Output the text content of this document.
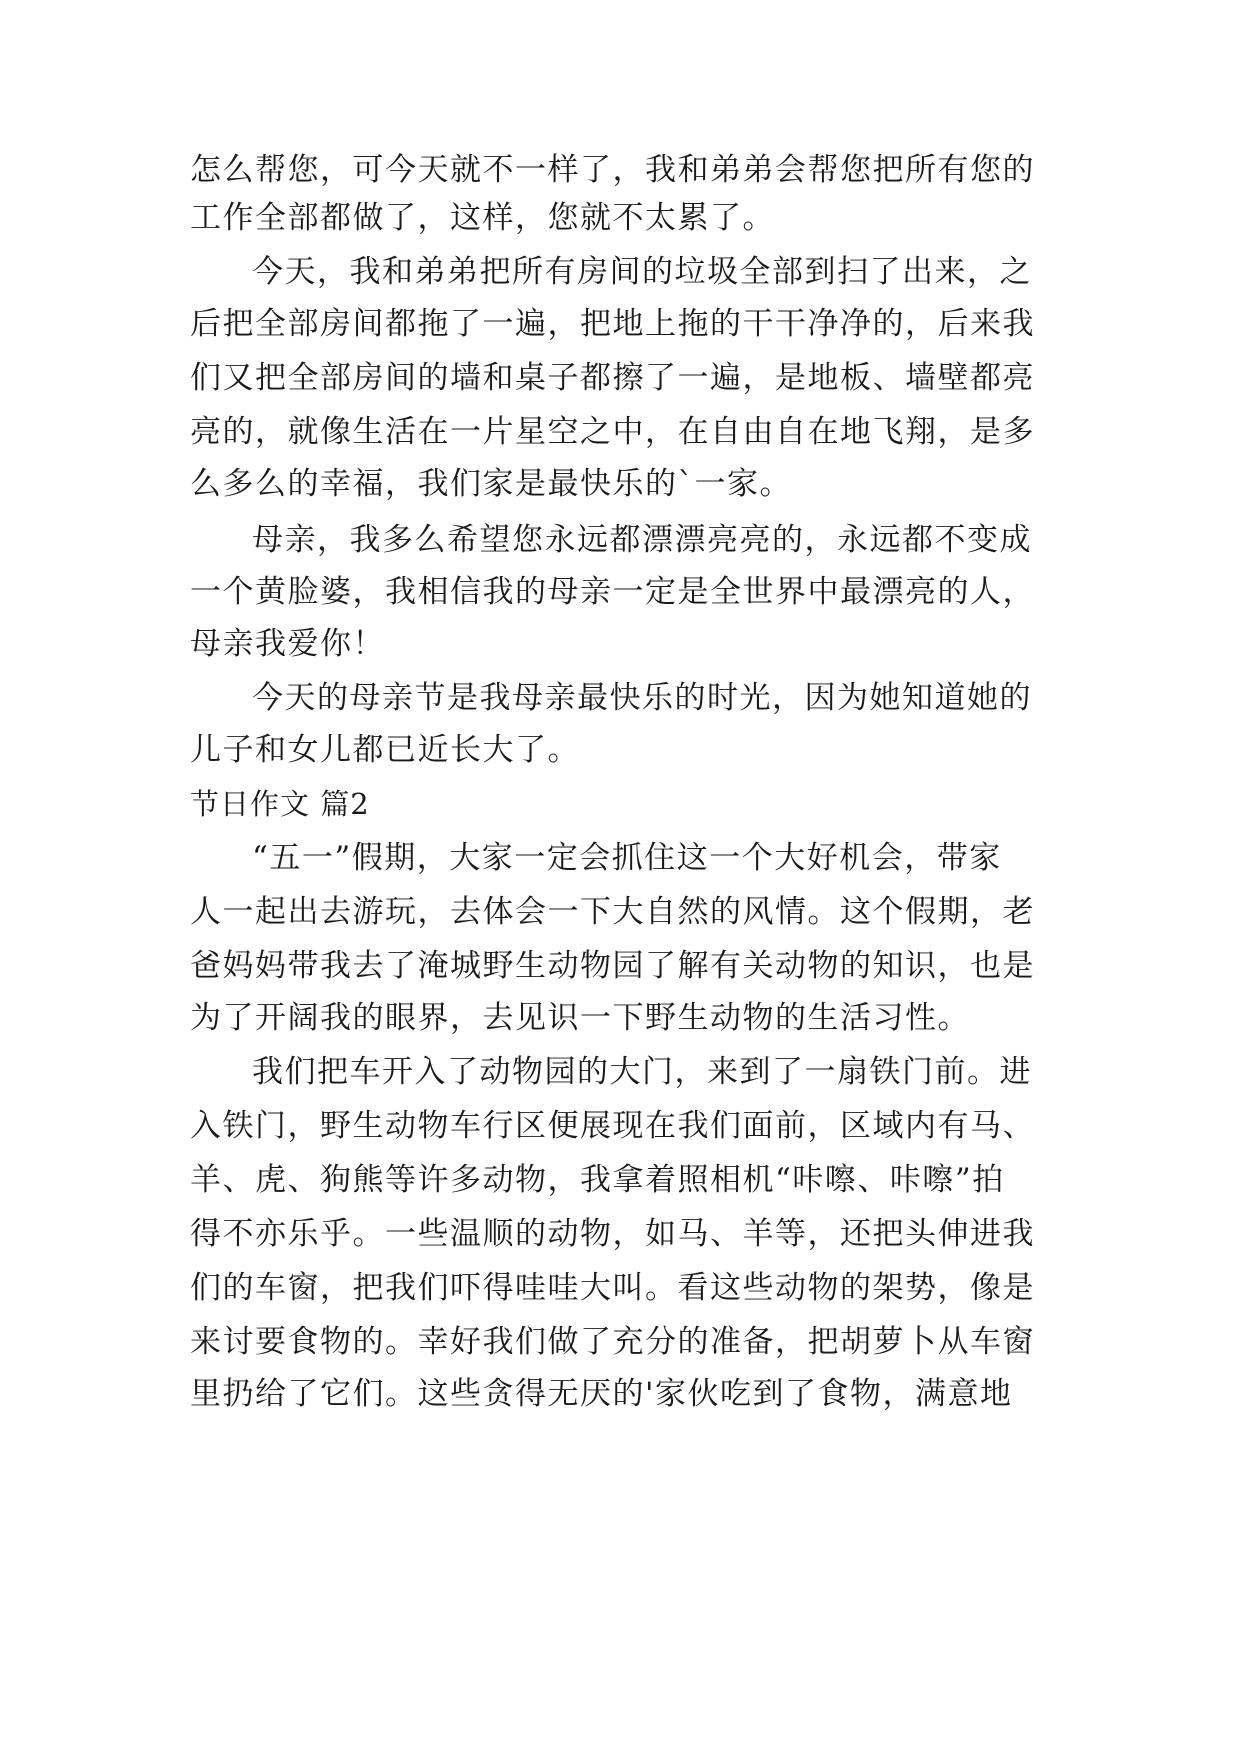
怎么帮您，可今天就不一样了，我和弟弟会帮您把所有您的
工作全部都做了，这样，您就不太累了。
今天，我和弟弟把所有房间的垃圾全部到扫了出来，之
后把全部房间都拖了一遍，把地上拖的干干净净的，后来我
们又把全部房间的墙和桌子都擦了一遍，是地板、墙壁都亮
亮的，就像生活在一片星空之中，在自由自在地飞翔，是多
么多么的幸福，我们家是最快乐的`一家。
母亲，我多么希望您永远都漂漂亮亮的，永远都不变成
一个黄脸婆，我相信我的母亲一定是全世界中最漂亮的人，
母亲我爱你！
今天的母亲节是我母亲最快乐的时光，因为她知道她的
儿子和女儿都已近长大了。
节日作文 篇2
“五一”假期，大家一定会抓住这一个大好机会，带家
人一起出去游玩，去体会一下大自然的风情。这个假期，老
爸妈妈带我去了淹城野生动物园了解有关动物的知识，也是
为了开阔我的眼界，去见识一下野生动物的生活习性。
我们把车开入了动物园的大门，来到了一扇铁门前。进
入铁门，野生动物车行区便展现在我们面前，区域内有马、
羊、虎、狗熊等许多动物，我拿着照相机“咔嚓、咔嚓”拍
得不亦乐乎。一些温顺的动物，如马、羊等，还把头伸进我
们的车窗，把我们吓得哇哇大叫。看这些动物的架势，像是
来讨要食物的。幸好我们做了充分的准备，把胡萝卜从车窗
里扔给了它们。这些贪得无厌的'家伙吃到了食物，满意地
